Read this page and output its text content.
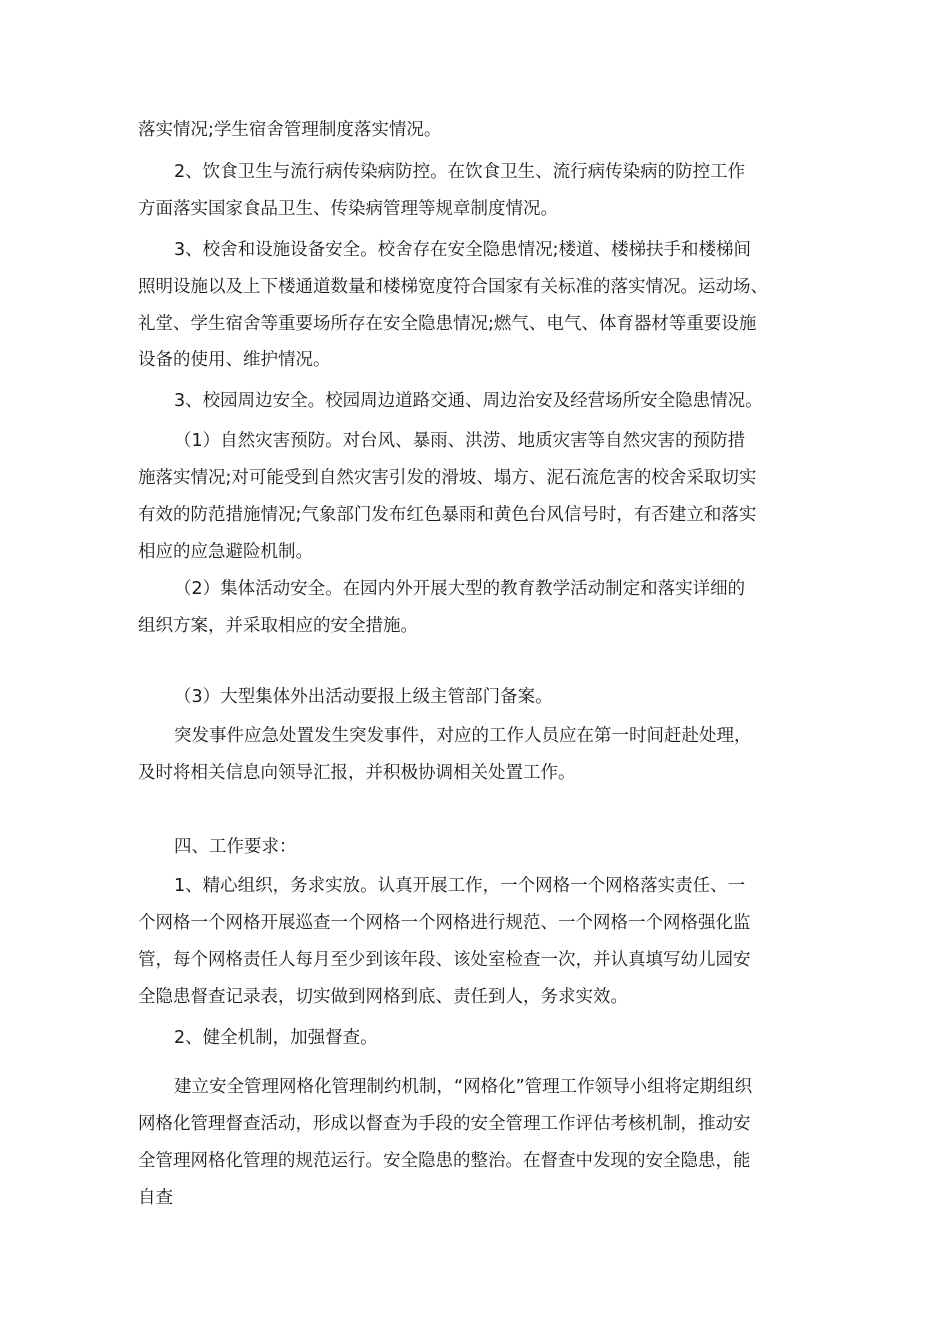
落实情况;学生宿舍管理制度落实情况。
2、饮食卫生与流行病传染病防控。在饮食卫生、流行病传染病的防控工作
方面落实国家食品卫生、传染病管理等规章制度情况。
3、校舍和设施设备安全。校舍存在安全隐患情况;楼道、楼梯扶手和楼梯间
照明设施以及上下楼通道数量和楼梯宽度符合国家有关标准的落实情况。运动场、
礼堂、学生宿舍等重要场所存在安全隐患情况;燃气、电气、体育器材等重要设施
设备的使用、维护情况。
3、校园周边安全。校园周边道路交通、周边治安及经营场所安全隐患情况。
（1）自然灾害预防。对台风、暴雨、洪涝、地质灾害等自然灾害的预防措
施落实情况;对可能受到自然灾害引发的滑坡、塌方、泥石流危害的校舍采取切实
有效的防范措施情况;气象部门发布红色暴雨和黄色台风信号时，有否建立和落实
相应的应急避险机制。
（2）集体活动安全。在园内外开展大型的教育教学活动制定和落实详细的
组织方案，并采取相应的安全措施。
（3）大型集体外出活动要报上级主管部门备案。
突发事件应急处置发生突发事件，对应的工作人员应在第一时间赶赴处理，
及时将相关信息向领导汇报，并积极协调相关处置工作。
四、工作要求：
1、精心组织，务求实放。认真开展工作，一个网格一个网格落实责任、一
个网格一个网格开展巡查一个网格一个网格进行规范、一个网格一个网格强化监
管，每个网格责任人每月至少到该年段、该处室检查一次，并认真填写幼儿园安
全隐患督查记录表，切实做到网格到底、责任到人，务求实效。
2、健全机制，加强督查。
建立安全管理网格化管理制约机制，“网格化”管理工作领导小组将定期组织
网格化管理督查活动，形成以督查为手段的安全管理工作评估考核机制，推动安
全管理网格化管理的规范运行。安全隐患的整治。在督查中发现的安全隐患，能
自查
